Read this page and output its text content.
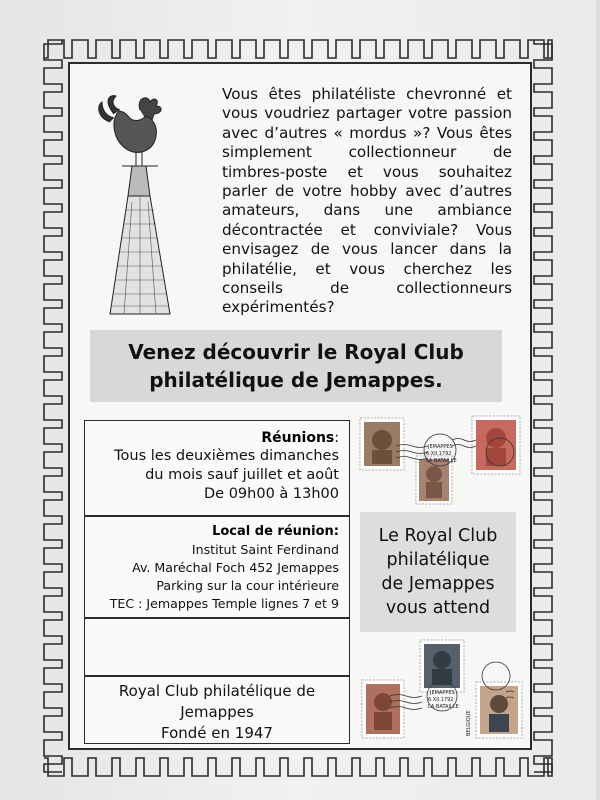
Vous êtes philatéliste chevronné et vous voudriez partager votre passion avec d’autres « mordus »? Vous êtes simplement collectionneur de timbres-poste et vous souhaitez parler de votre hobby avec d’autres amateurs, dans une ambiance décontractée et conviviale? Vous envisagez de vous lancer dans la philatélie, et vous cherchez les conseils de collectionneurs expérimentés?

Venez découvrir le Royal Club
philatélique de Jemappes.
Réunions:
Tous les deuxièmes dimanches
du mois sauf juillet et août
De 09h00 à 13h00
Local de réunion:
Institut Saint Ferdinand
Av. Maréchal Foch 452 Jemappes
Parking sur la cour intérieure
TEC : Jemappes Temple lignes 7 et 9
Royal Club philatélique de
Jemappes
Fondé en 1947
Le Royal Club
philatélique
de Jemappes
vous attend
JEMAPPES
6.XII.1792
LA BATAILLE
JEMAPPES
6.XII.1792
LA BATAILLE
BELGIQUE
